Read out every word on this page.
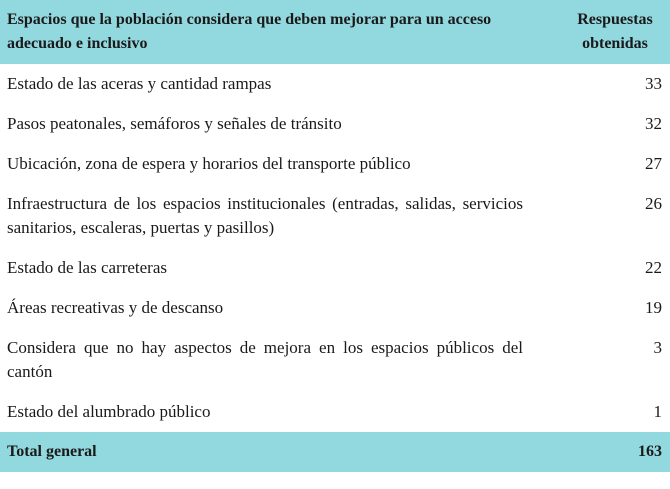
Espacios que la población considera que deben mejorar para un acceso adecuado e inclusivo	Respuestas obtenidas

Estado de las aceras y cantidad rampas	33

Pasos peatonales, semáforos y señales de tránsito	32

Ubicación, zona de espera y horarios del transporte público	27

Infraestructura de los espacios institucionales (entradas, salidas, servicios sanitarios, escaleras, puertas y pasillos)	26

Estado de las carreteras	22

Áreas recreativas y de descanso	19

Considera que no hay aspectos de mejora en los espacios públicos del cantón	3

Estado del alumbrado público	1
Total general	163
